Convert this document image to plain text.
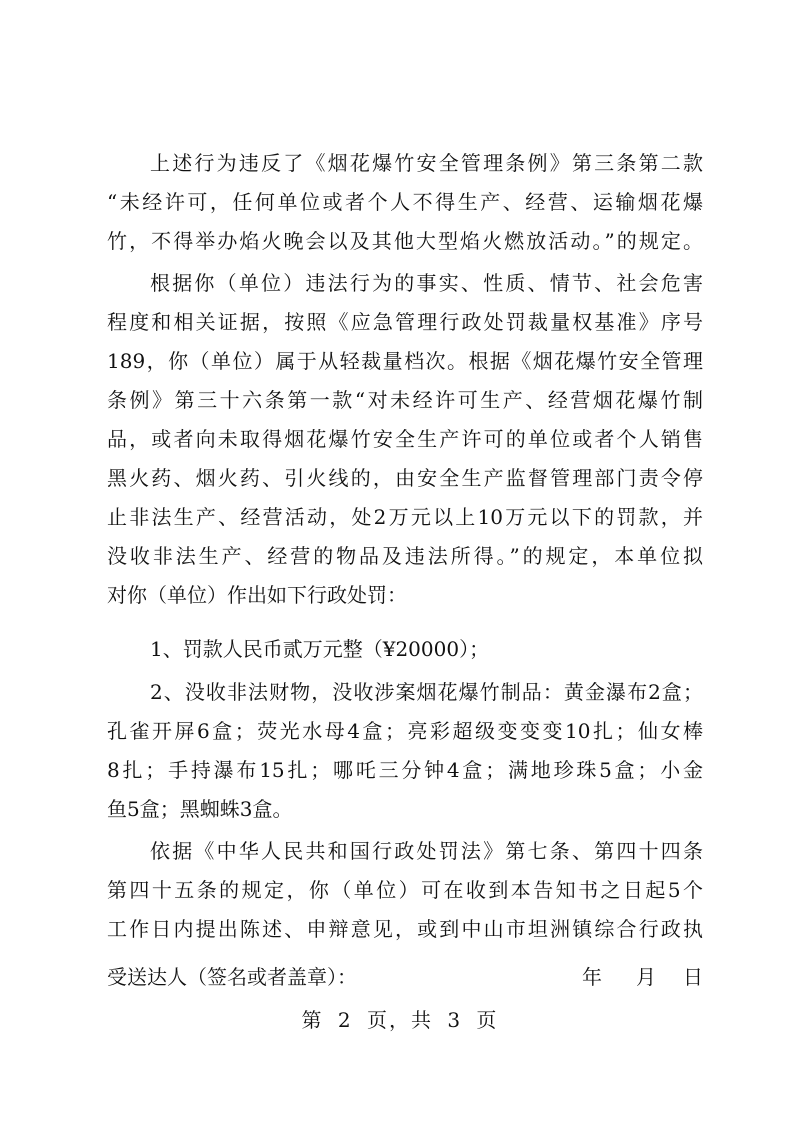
上述行为违反了《烟花爆竹安全管理条例》第三条第二款
“未经许可，任何单位或者个人不得生产、经营、运输烟花爆
竹，不得举办焰火晚会以及其他大型焰火燃放活动。”的规定。
根据你（单位）违法行为的事实、性质、情节、社会危害
程度和相关证据，按照《应急管理行政处罚裁量权基准》序号
189，你（单位）属于从轻裁量档次。根据《烟花爆竹安全管理
条例》第三十六条第一款“对未经许可生产、经营烟花爆竹制
品，或者向未取得烟花爆竹安全生产许可的单位或者个人销售
黑火药、烟火药、引火线的，由安全生产监督管理部门责令停
止非法生产、经营活动，处2万元以上10万元以下的罚款，并
没收非法生产、经营的物品及违法所得。”的规定，本单位拟
对你（单位）作出如下行政处罚：
1、罚款人民币贰万元整（¥20000）；
2、没收非法财物，没收涉案烟花爆竹制品：黄金瀑布2盒；
孔雀开屏6盒；荧光水母4盒；亮彩超级变变变10扎；仙女棒
8扎；手持瀑布15扎；哪吒三分钟4盒；满地珍珠5盒；小金
鱼5盒；黑蜘蛛3盒。
依据《中华人民共和国行政处罚法》第七条、第四十四条
第四十五条的规定，你（单位）可在收到本告知书之日起5个
工作日内提出陈述、申辩意见，或到中山市坦洲镇综合行政执
受送达人（签名或者盖章）：	年	月	日
第 2 页，共 3 页
